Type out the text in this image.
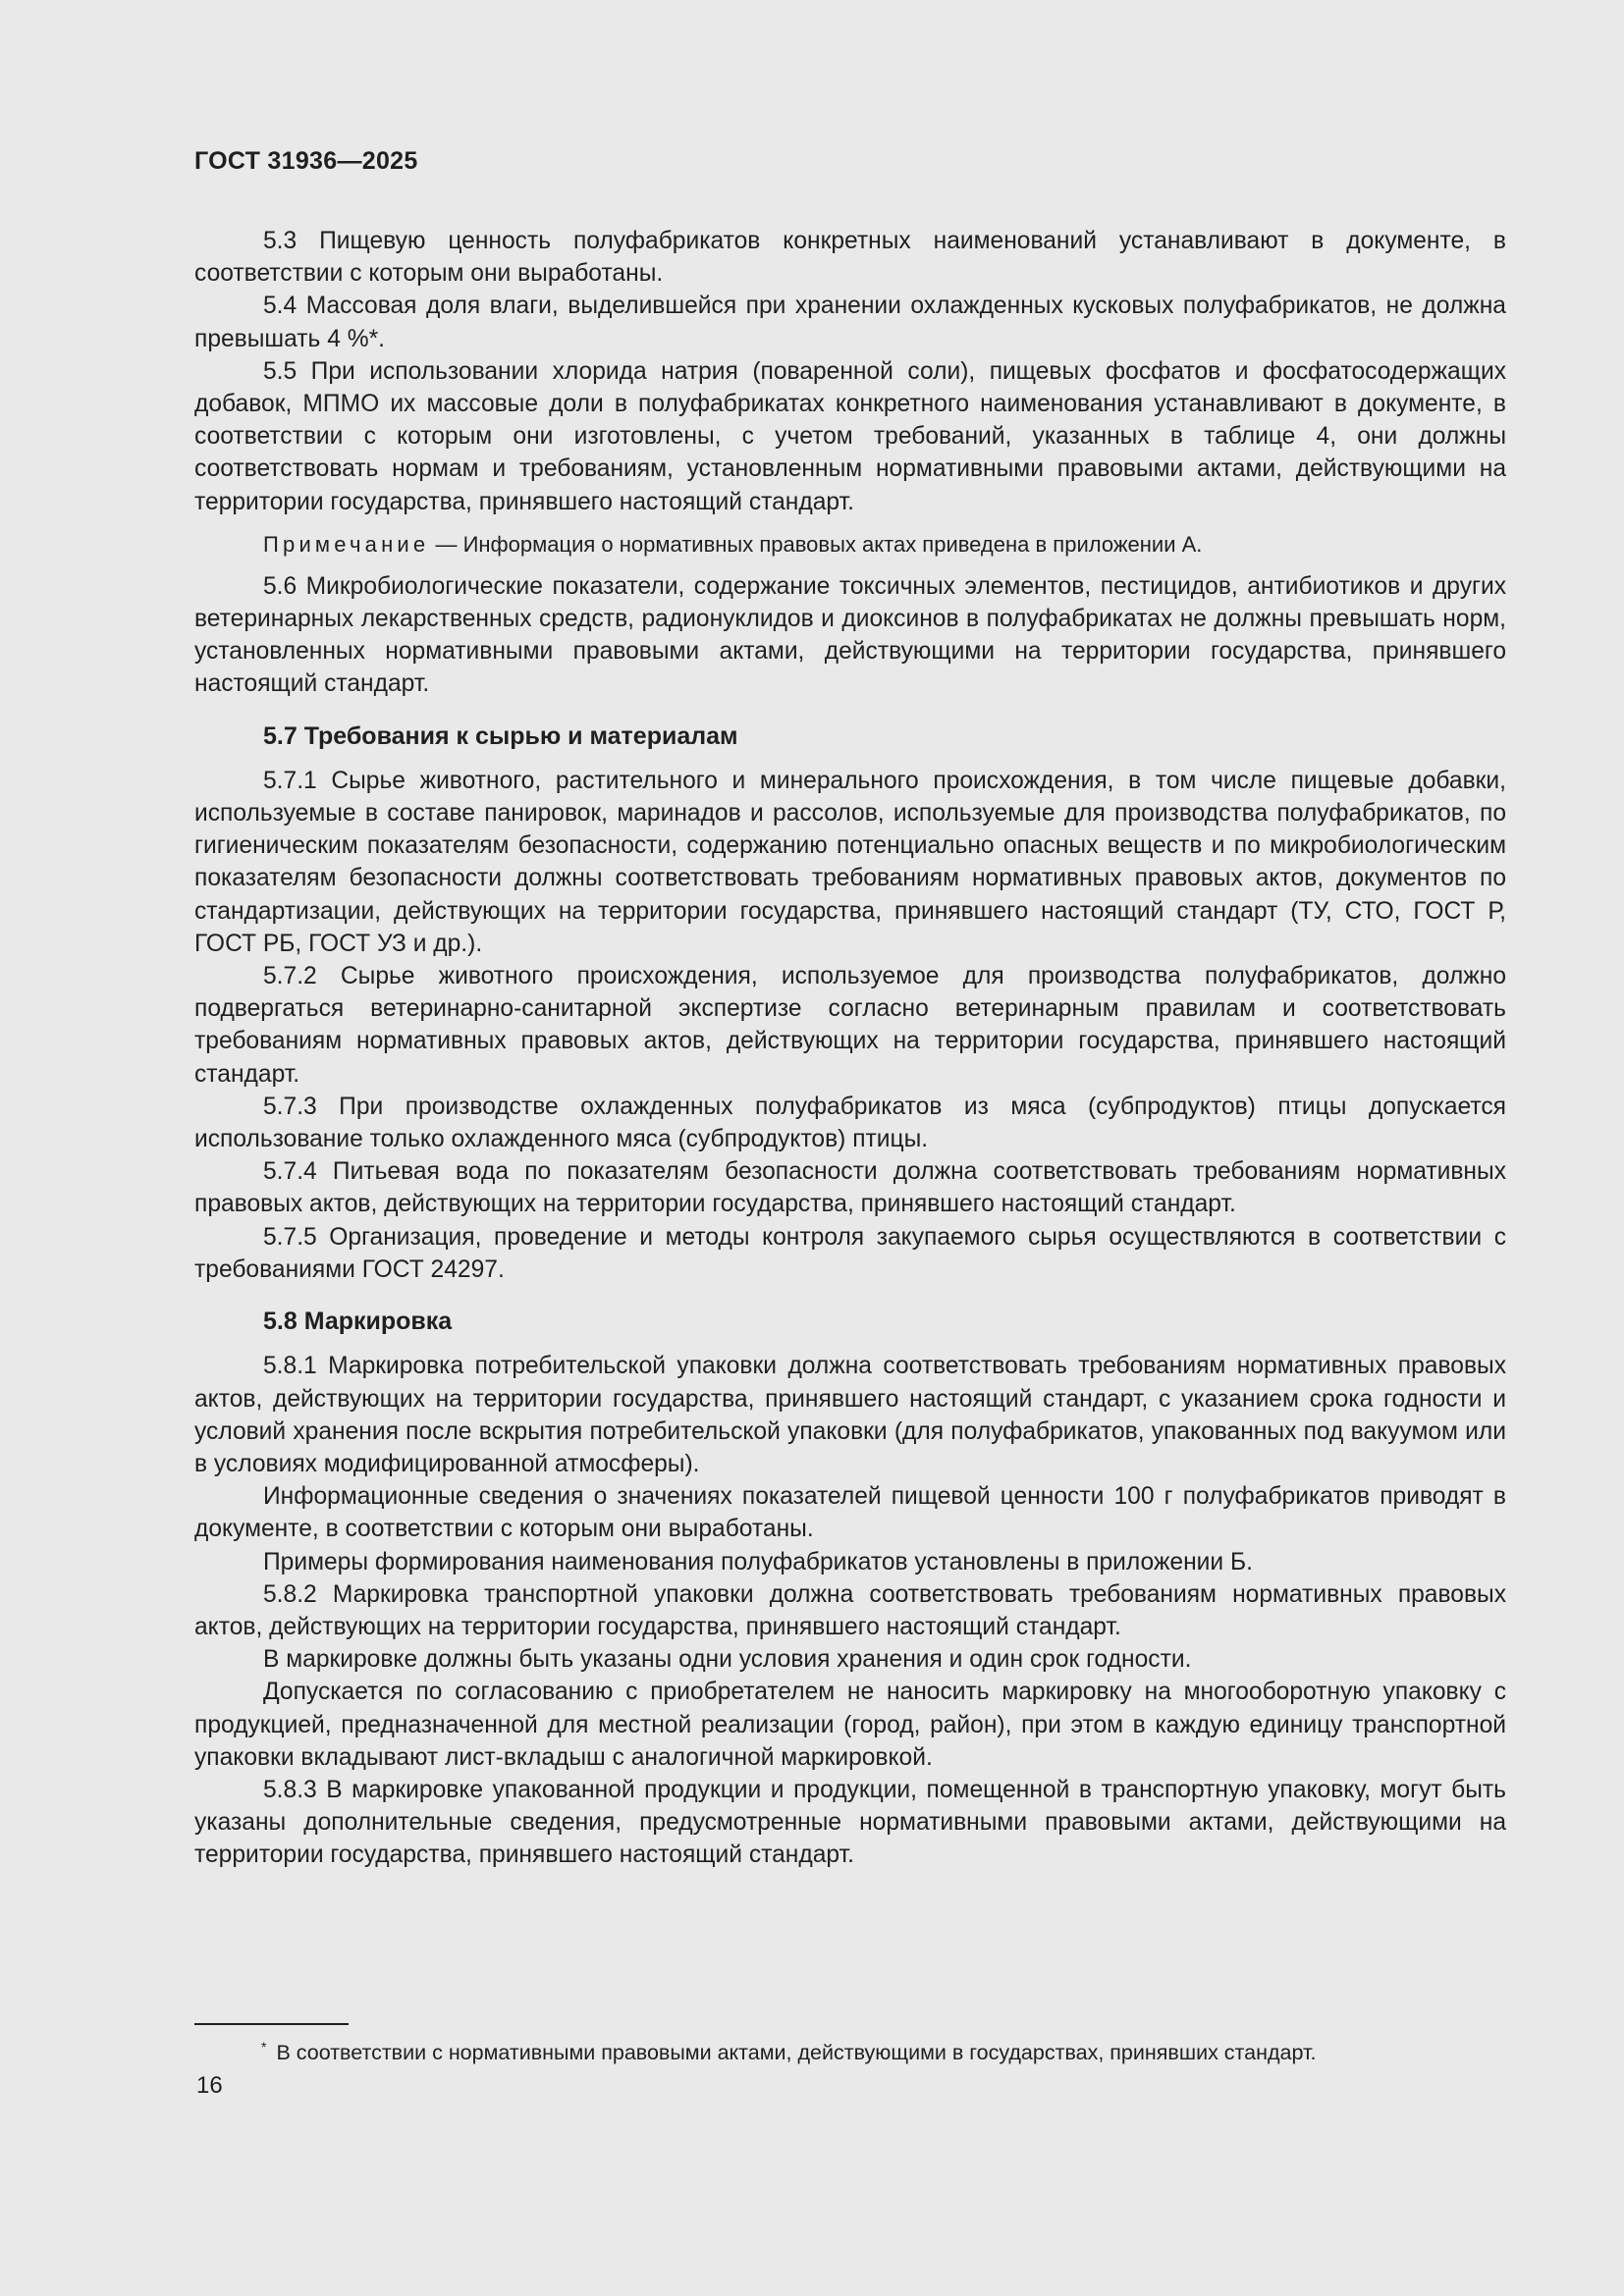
ГОСТ 31936—2025

5.3 Пищевую ценность полуфабрикатов конкретных наименований устанавливают в документе, в соответствии с которым они выработаны.

5.4 Массовая доля влаги, выделившейся при хранении охлажденных кусковых полуфабрикатов, не должна превышать 4 %*.

5.5 При использовании хлорида натрия (поваренной соли), пищевых фосфатов и фосфатосодержащих добавок, МПМО их массовые доли в полуфабрикатах конкретного наименования устанавливают в документе, в соответствии с которым они изготовлены, с учетом требований, указанных в таблице 4, они должны соответствовать нормам и требованиям, установленным нормативными правовыми актами, действующими на территории государства, принявшего настоящий стандарт.

Примечание — Информация о нормативных правовых актах приведена в приложении А.

5.6 Микробиологические показатели, содержание токсичных элементов, пестицидов, антибиотиков и других ветеринарных лекарственных средств, радионуклидов и диоксинов в полуфабрикатах не должны превышать норм, установленных нормативными правовыми актами, действующими на территории государства, принявшего настоящий стандарт.

5.7 Требования к сырью и материалам

5.7.1 Сырье животного, растительного и минерального происхождения, в том числе пищевые добавки, используемые в составе панировок, маринадов и рассолов, используемые для производства полуфабрикатов, по гигиеническим показателям безопасности, содержанию потенциально опасных веществ и по микробиологическим показателям безопасности должны соответствовать требованиям нормативных правовых актов, документов по стандартизации, действующих на территории государства, принявшего настоящий стандарт (ТУ, СТО, ГОСТ Р, ГОСТ РБ, ГОСТ УЗ и др.).

5.7.2 Сырье животного происхождения, используемое для производства полуфабрикатов, должно подвергаться ветеринарно-санитарной экспертизе согласно ветеринарным правилам и соответствовать требованиям нормативных правовых актов, действующих на территории государства, принявшего настоящий стандарт.

5.7.3 При производстве охлажденных полуфабрикатов из мяса (субпродуктов) птицы допускается использование только охлажденного мяса (субпродуктов) птицы.

5.7.4 Питьевая вода по показателям безопасности должна соответствовать требованиям нормативных правовых актов, действующих на территории государства, принявшего настоящий стандарт.

5.7.5 Организация, проведение и методы контроля закупаемого сырья осуществляются в соответствии с требованиями ГОСТ 24297.

5.8 Маркировка

5.8.1 Маркировка потребительской упаковки должна соответствовать требованиям нормативных правовых актов, действующих на территории государства, принявшего настоящий стандарт, с указанием срока годности и условий хранения после вскрытия потребительской упаковки (для полуфабрикатов, упакованных под вакуумом или в условиях модифицированной атмосферы).

Информационные сведения о значениях показателей пищевой ценности 100 г полуфабрикатов приводят в документе, в соответствии с которым они выработаны.

Примеры формирования наименования полуфабрикатов установлены в приложении Б.

5.8.2 Маркировка транспортной упаковки должна соответствовать требованиям нормативных правовых актов, действующих на территории государства, принявшего настоящий стандарт.

В маркировке должны быть указаны одни условия хранения и один срок годности.

Допускается по согласованию с приобретателем не наносить маркировку на многооборотную упаковку с продукцией, предназначенной для местной реализации (город, район), при этом в каждую единицу транспортной упаковки вкладывают лист-вкладыш с аналогичной маркировкой.

5.8.3 В маркировке упакованной продукции и продукции, помещенной в транспортную упаковку, могут быть указаны дополнительные сведения, предусмотренные нормативными правовыми актами, действующими на территории государства, принявшего настоящий стандарт.

* В соответствии с нормативными правовыми актами, действующими в государствах, принявших стандарт.
16
